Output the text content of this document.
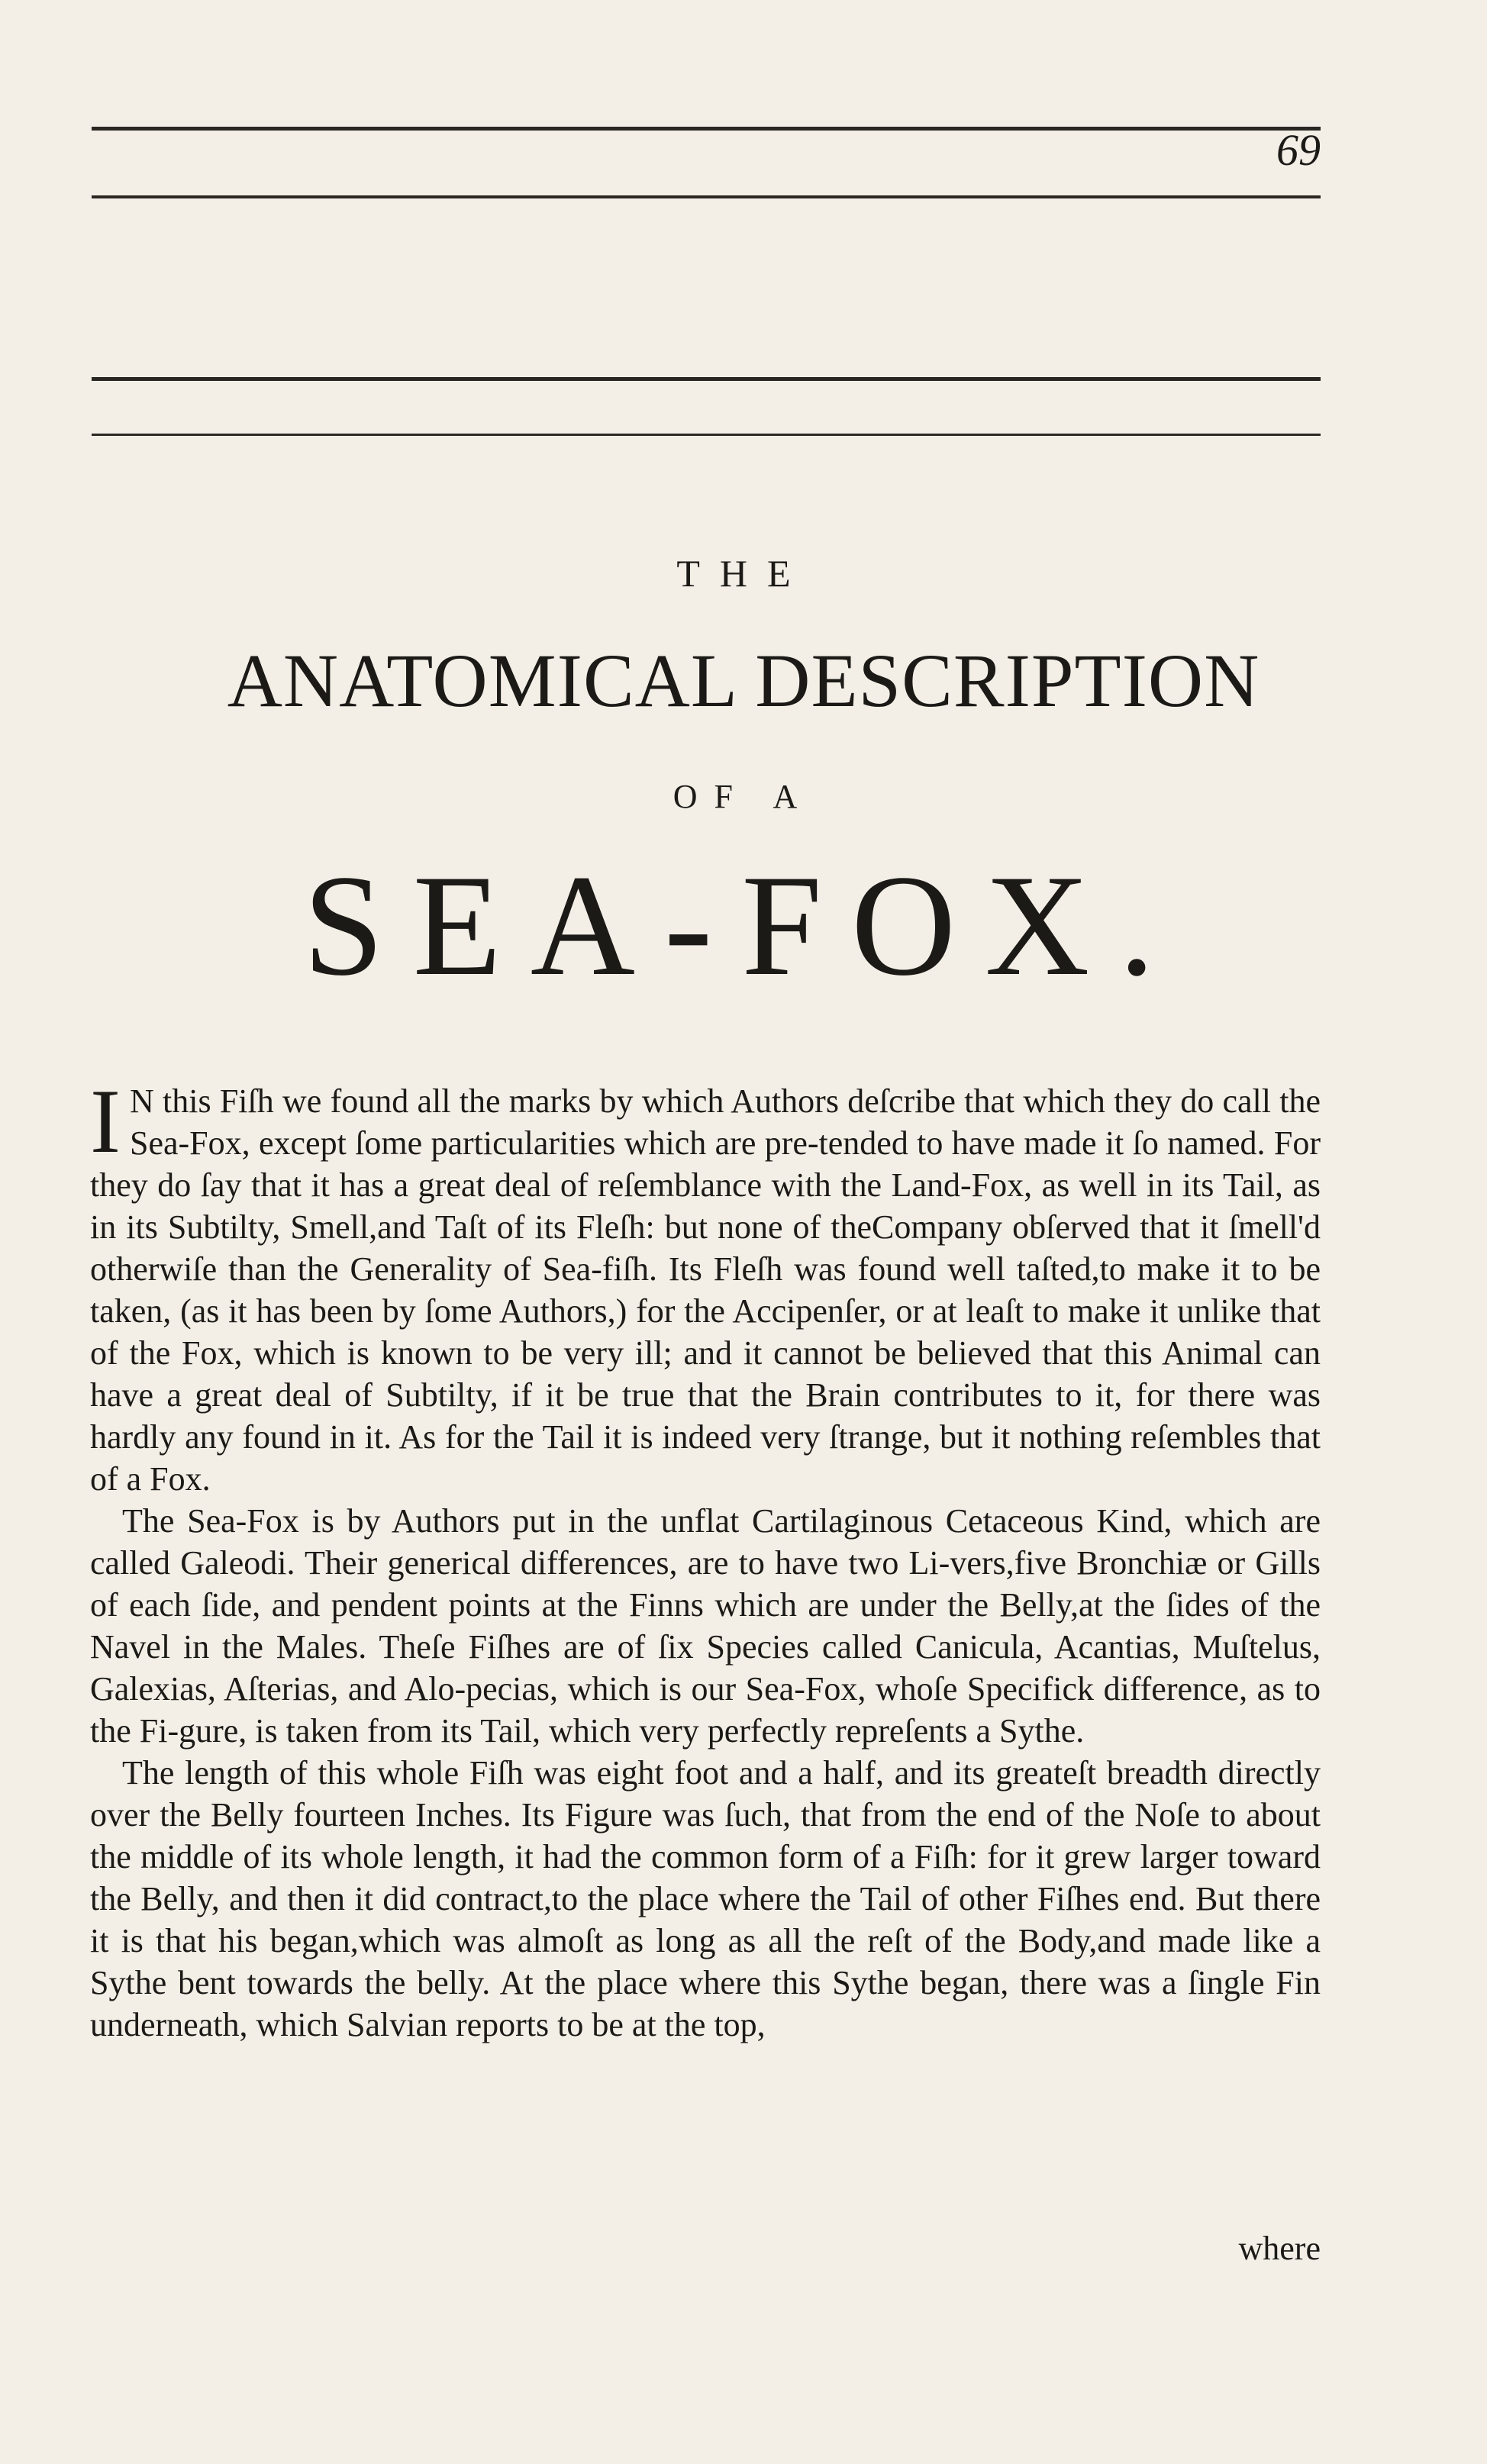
69
THE
ANATOMICAL DESCRIPTION
OF A
SEA-FOX.

I N this Fiſh we found all the marks by which Authors deſcribe that which they do call the Sea-Fox, except ſome particularities which are pre-tended to have made it ſo named. For they do ſay that it has a great deal of reſemblance with the Land-Fox, as well in its Tail, as in its Subtilty, Smell,and Taſt of its Fleſh: but none of theCompany obſerved that it ſmell'd otherwiſe than the Generality of Sea-fiſh. Its Fleſh was found well taſted,to make it to be taken, (as it has been by ſome Authors,) for the Accipenſer, or at leaſt to make it unlike that of the Fox, which is known to be very ill; and it cannot be believed that this Animal can have a great deal of Subtilty, if it be true that the Brain contributes to it, for there was hardly any found in it. As for the Tail it is indeed very ſtrange, but it nothing reſembles that of a Fox.

The Sea-Fox is by Authors put in the unflat Cartilaginous Cetaceous Kind, which are called Galeodi. Their generical differences, are to have two Li-vers,five Bronchiæ or Gills of each ſide, and pendent points at the Finns which are under the Belly,at the ſides of the Navel in the Males. Theſe Fiſhes are of ſix Species called Canicula, Acantias, Muſtelus, Galexias, Aſterias, and Alo-pecias, which is our Sea-Fox, whoſe Specifick difference, as to the Fi-gure, is taken from its Tail, which very perfectly repreſents a Sythe.

The length of this whole Fiſh was eight foot and a half, and its greateſt breadth directly over the Belly fourteen Inches. Its Figure was ſuch, that from the end of the Noſe to about the middle of its whole length, it had the common form of a Fiſh: for it grew larger toward the Belly, and then it did contract,to the place where the Tail of other Fiſhes end. But there it is that his began,which was almoſt as long as all the reſt of the Body,and made like a Sythe bent towards the belly. At the place where this Sythe began, there was a ſingle Fin underneath, which Salvian reports to be at the top,

where
